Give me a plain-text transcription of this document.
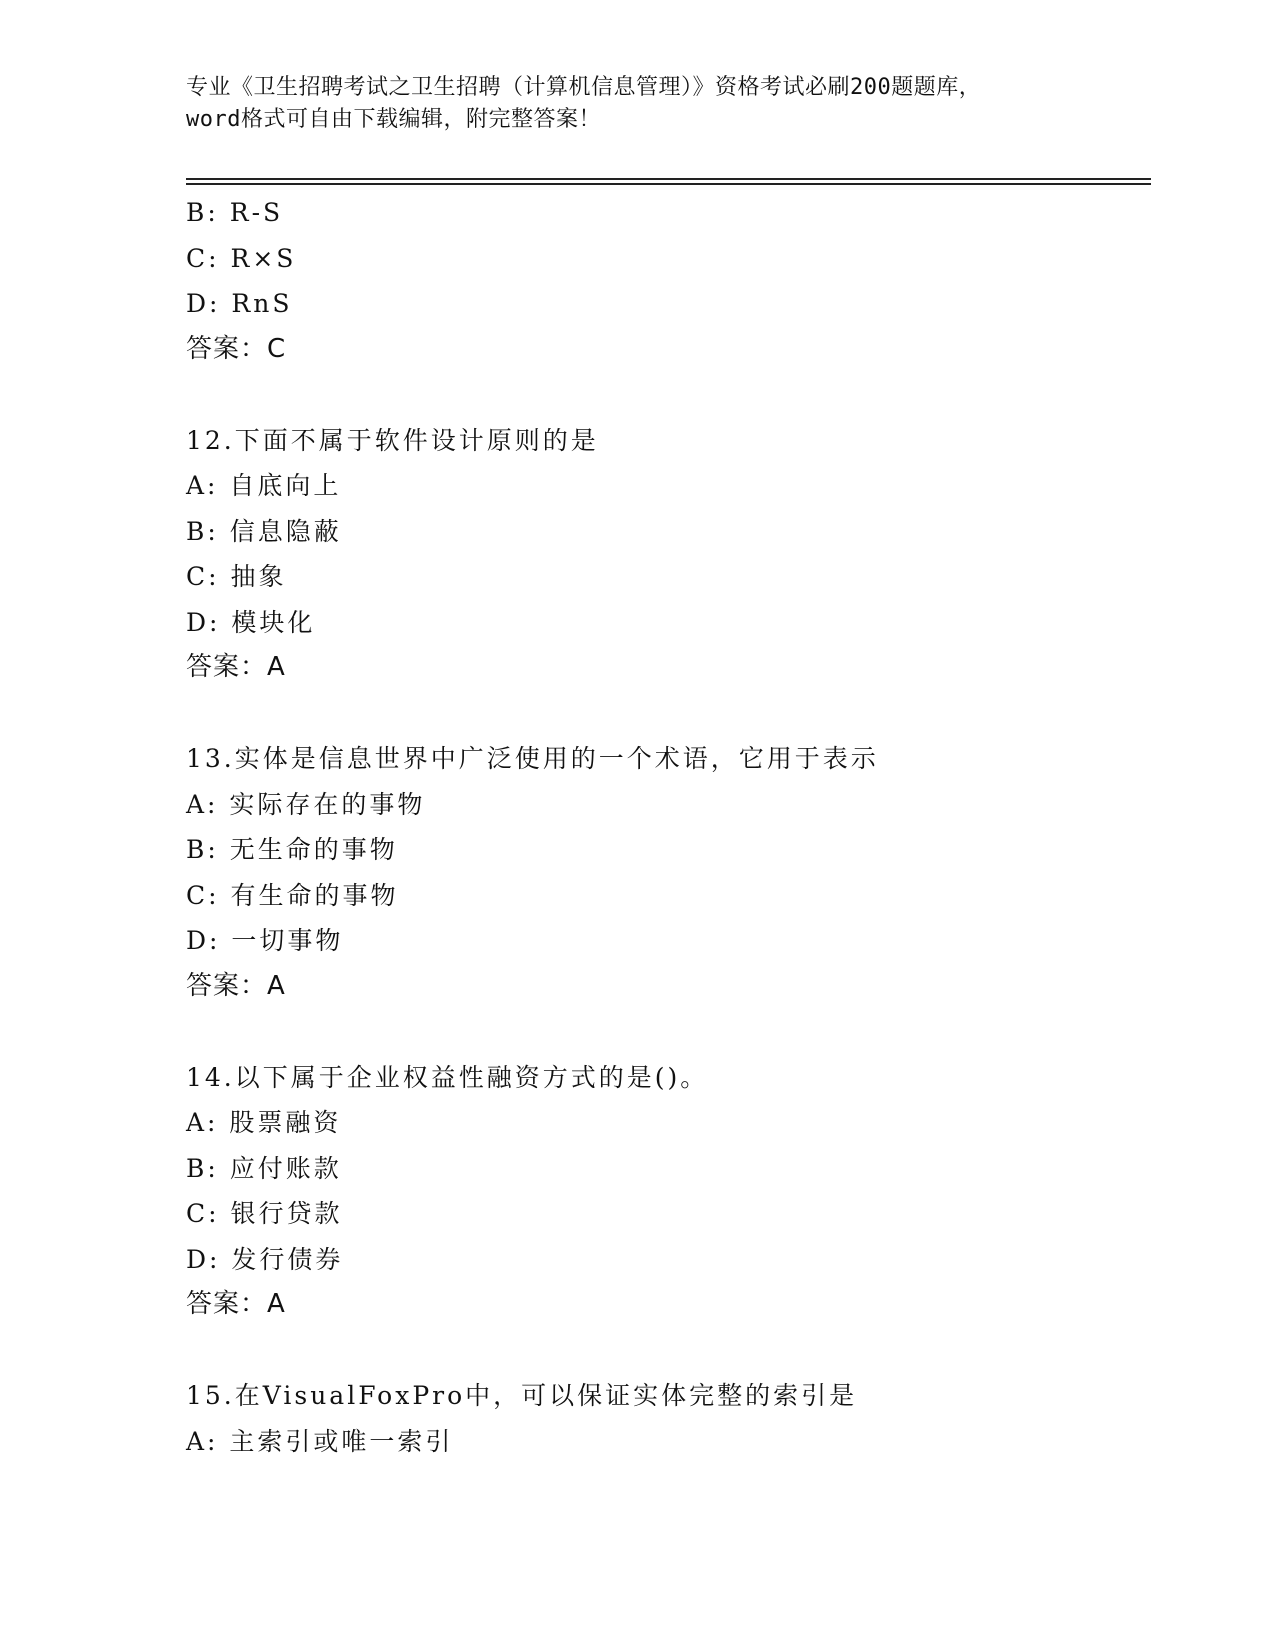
专业《卫生招聘考试之卫生招聘（计算机信息管理）》资格考试必刷200题题库，
word格式可自由下载编辑，附完整答案！
B: R-S
C: R×S
D: RnS
答案：C
12.下面不属于软件设计原则的是
A: 自底向上
B: 信息隐蔽
C: 抽象
D: 模块化
答案：A
13.实体是信息世界中广泛使用的一个术语，它用于表示
A: 实际存在的事物
B: 无生命的事物
C: 有生命的事物
D: 一切事物
答案：A
14.以下属于企业权益性融资方式的是()。
A: 股票融资
B: 应付账款
C: 银行贷款
D: 发行债券
答案：A
15.在VisualFoxPro中，可以保证实体完整的索引是
A: 主索引或唯一索引
